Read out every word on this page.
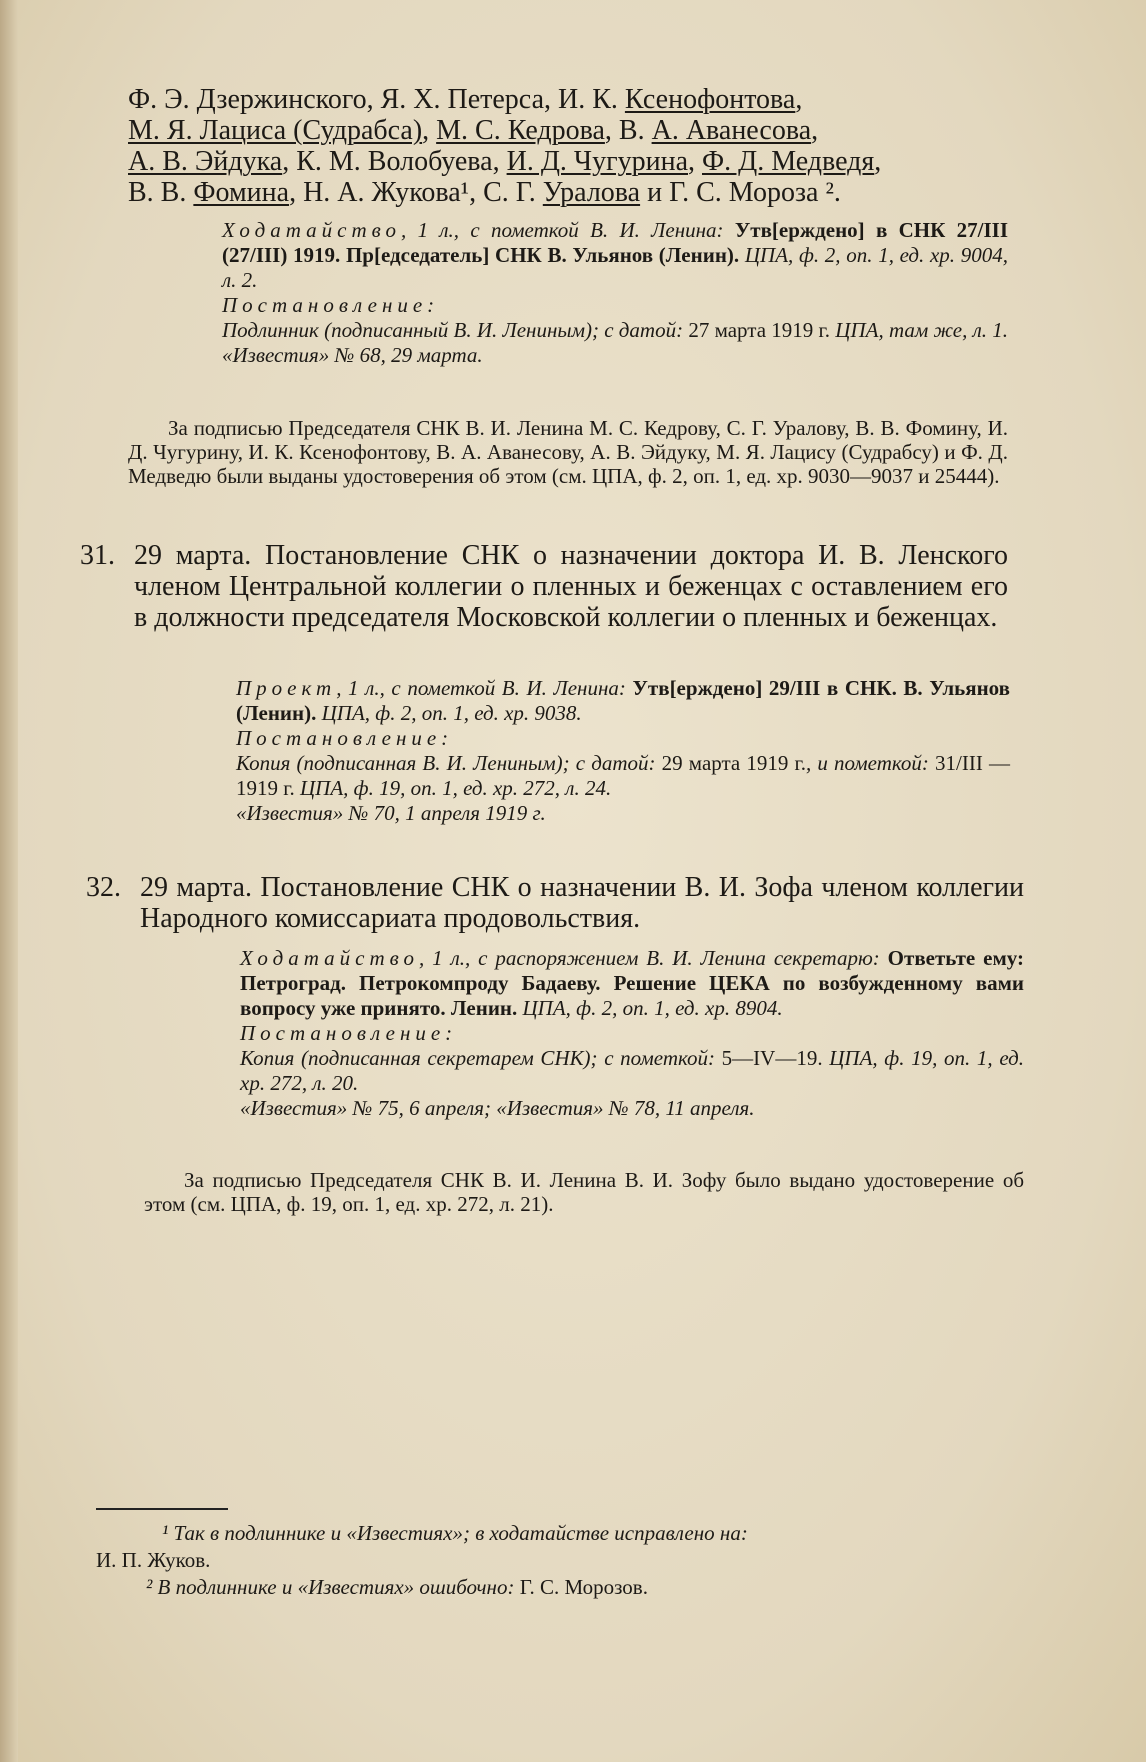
Ф. Э. Дзержинского, Я. Х. Петерса, И. К. Ксенофонтова,

М. Я. Лациса (Судрабса), М. С. Кедрова, В. А. Аванесова,

А. В. Эйдука, К. М. Волобуева, И. Д. Чугурина, Ф. Д. Медведя,

В. В. Фомина, Н. А. Жукова¹, С. Г. Уралова и Г. С. Мороза ².

Ходатайство, 1 л., с пометкой В. И. Ленина: Утв[ерждено] в СНК 27/III (27/III) 1919. Пр[едседатель] СНК В. Ульянов (Ленин). ЦПА, ф. 2, оп. 1, ед. хр. 9004, л. 2.

Постановление:

Подлинник (подписанный В. И. Лениным); с датой: 27 марта 1919 г. ЦПА, там же, л. 1.

«Известия» № 68, 29 марта.

За подписью Председателя СНК В. И. Ленина М. С. Кедрову, С. Г. Уралову, В. В. Фомину, И. Д. Чугурину, И. К. Ксенофонтову, В. А. Аванесову, А. В. Эйдуку, М. Я. Лацису (Судрабсу) и Ф. Д. Медведю были выданы удостоверения об этом (см. ЦПА, ф. 2, оп. 1, ед. хр. 9030—9037 и 25444).

31. 29 марта. Постановление СНК о назначении доктора И. В. Ленского членом Центральной коллегии о пленных и беженцах с оставлением его в должности председателя Московской коллегии о пленных и беженцах.

Проект, 1 л., с пометкой В. И. Ленина: Утв[ерждено] 29/III в СНК. В. Ульянов (Ленин). ЦПА, ф. 2, оп. 1, ед. хр. 9038.

Постановление:

Копия (подписанная В. И. Лениным); с датой: 29 марта 1919 г., и пометкой: 31/III — 1919 г. ЦПА, ф. 19, оп. 1, ед. хр. 272, л. 24.

«Известия» № 70, 1 апреля 1919 г.

32. 29 марта. Постановление СНК о назначении В. И. Зофа членом коллегии Народного комиссариата продовольствия.

Ходатайство, 1 л., с распоряжением В. И. Ленина секретарю: Ответьте ему: Петроград. Петрокомпроду Бадаеву. Решение ЦЕКА по возбужденному вами вопросу уже принято. Ленин. ЦПА, ф. 2, оп. 1, ед. хр. 8904.

Постановление:

Копия (подписанная секретарем СНК); с пометкой: 5—IV—19. ЦПА, ф. 19, оп. 1, ед. хр. 272, л. 20.

«Известия» № 75, 6 апреля; «Известия» № 78, 11 апреля.

За подписью Председателя СНК В. И. Ленина В. И. Зофу было выдано удостоверение об этом (см. ЦПА, ф. 19, оп. 1, ед. хр. 272, л. 21).

¹ Так в подлиннике и «Известиях»; в ходатайстве исправлено на:

И. П. Жуков.

² В подлиннике и «Известиях» ошибочно: Г. С. Морозов.
